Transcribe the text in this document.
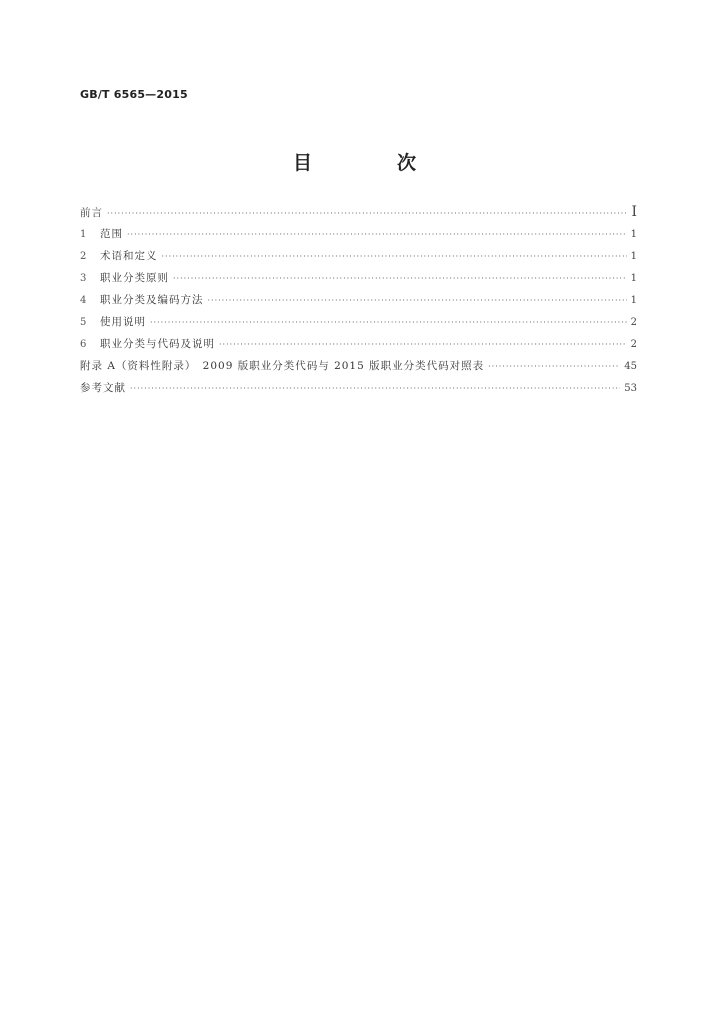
GB/T 6565—2015
目　次
前言 ·····	I
1	范围 ·····	1
2	术语和定义 ·····	1
3	职业分类原则 ·····	1
4	职业分类及编码方法 ·····	1
5	使用说明 ·····	2
6	职业分类与代码及说明 ·····	2
附录 A（资料性附录）　2009 版职业分类代码与 2015 版职业分类代码对照表 ·····	45
参考文献 ·····	53
